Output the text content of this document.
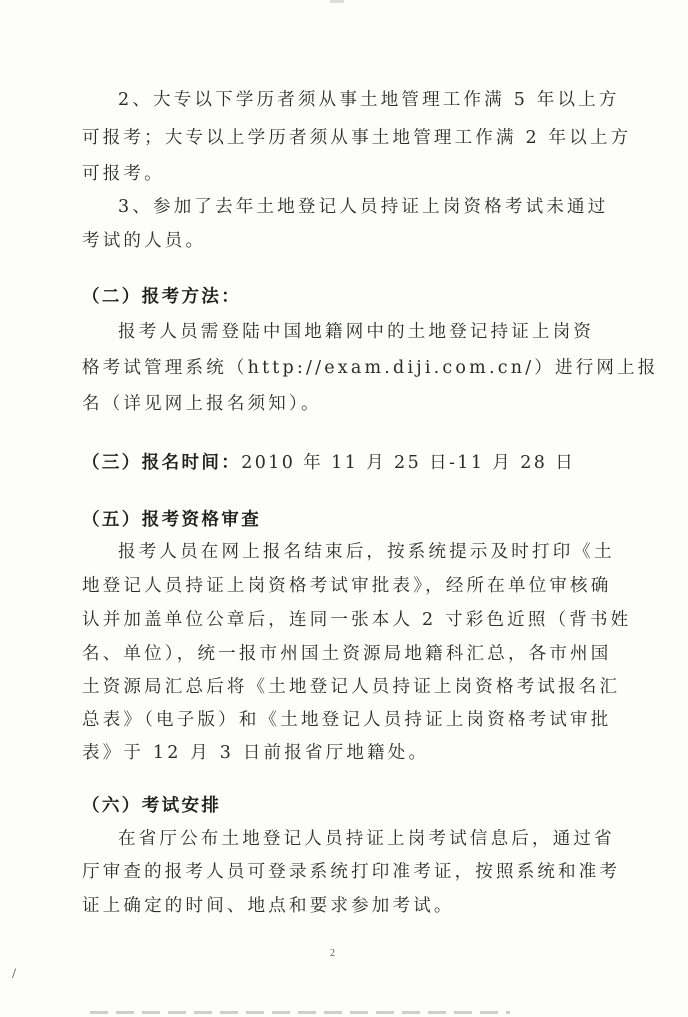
2、大专以下学历者须从事土地管理工作满 5 年以上方
可报考；大专以上学历者须从事土地管理工作满 2 年以上方
可报考。
3、参加了去年土地登记人员持证上岗资格考试未通过
考试的人员。
（二）报考方法：
报考人员需登陆中国地籍网中的土地登记持证上岗资
格考试管理系统（http://exam.diji.com.cn/）进行网上报
名（详见网上报名须知）。
（三）报名时间：2010 年 11 月 25 日-11 月 28 日
（五）报考资格审查
报考人员在网上报名结束后，按系统提示及时打印《土
地登记人员持证上岗资格考试审批表》，经所在单位审核确
认并加盖单位公章后，连同一张本人 2 寸彩色近照（背书姓
名、单位），统一报市州国土资源局地籍科汇总，各市州国
土资源局汇总后将《土地登记人员持证上岗资格考试报名汇
总表》（电子版）和《土地登记人员持证上岗资格考试审批
表》于 12 月 3 日前报省厅地籍处。
（六）考试安排
在省厅公布土地登记人员持证上岗考试信息后，通过省
厅审查的报考人员可登录系统打印准考证，按照系统和准考
证上确定的时间、地点和要求参加考试。
2
/
